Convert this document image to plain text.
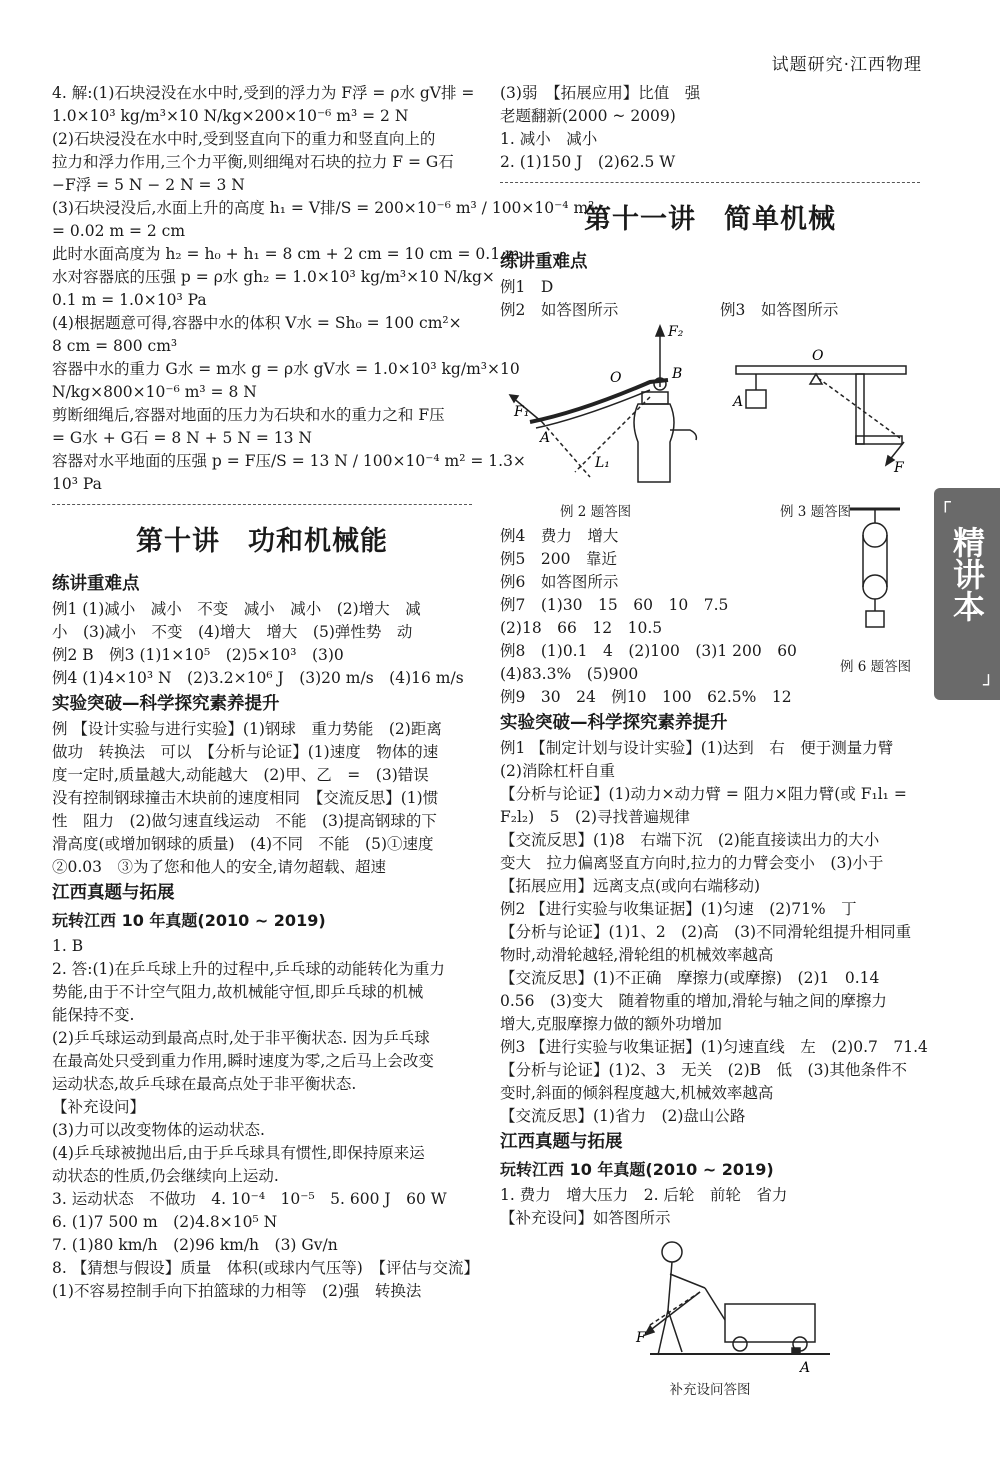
试题研究·江西物理
┌
精讲本
┘
4. 解:(1)石块浸没在水中时,受到的浮力为 F浮 = ρ水 gV排 =
1.0×10³ kg/m³×10 N/kg×200×10⁻⁶ m³ = 2 N
(2)石块浸没在水中时,受到竖直向下的重力和竖直向上的
拉力和浮力作用,三个力平衡,则细绳对石块的拉力 F = G石
−F浮 = 5 N − 2 N = 3 N
(3)石块浸没后,水面上升的高度 h₁ = V排/S = 200×10⁻⁶ m³ / 100×10⁻⁴ m²
= 0.02 m = 2 cm
此时水面高度为 h₂ = h₀ + h₁ = 8 cm + 2 cm = 10 cm = 0.1 m
水对容器底的压强 p = ρ水 gh₂ = 1.0×10³ kg/m³×10 N/kg×
0.1 m = 1.0×10³ Pa
(4)根据题意可得,容器中水的体积 V水 = Sh₀ = 100 cm²×
8 cm = 800 cm³
容器中水的重力 G水 = m水 g = ρ水 gV水 = 1.0×10³ kg/m³×10
N/kg×800×10⁻⁶ m³ = 8 N
剪断细绳后,容器对地面的压力为石块和水的重力之和 F压
= G水 + G石 = 8 N + 5 N = 13 N
容器对水平地面的压强 p = F压/S = 13 N / 100×10⁻⁴ m² = 1.3×
10³ Pa
第十讲　功和机械能
练讲重难点
例1 (1)减小　减小　不变　减小　减小　(2)增大　减
小　(3)减小　不变　(4)增大　增大　(5)弹性势　动
例2 B　例3 (1)1×10⁵　(2)5×10³　(3)0
例4 (1)4×10³ N　(2)3.2×10⁶ J　(3)20 m/s　(4)16 m/s
实验突破—科学探究素养提升
例 【设计实验与进行实验】(1)钢球　重力势能　(2)距离
做功　转换法　可以　【分析与论证】(1)速度　物体的速
度一定时,质量越大,动能越大　(2)甲、乙　=　(3)错误
没有控制钢球撞击木块前的速度相同　【交流反思】(1)惯
性　阻力　(2)做匀速直线运动　不能　(3)提高钢球的下
滑高度(或增加钢球的质量)　(4)不同　不能　(5)①速度
②0.03　③为了您和他人的安全,请勿超载、超速
江西真题与拓展
玩转江西 10 年真题(2010 ~ 2019)
1. B
2. 答:(1)在乒乓球上升的过程中,乒乓球的动能转化为重力
势能,由于不计空气阻力,故机械能守恒,即乒乓球的机械
能保持不变.
(2)乒乓球运动到最高点时,处于非平衡状态. 因为乒乓球
在最高处只受到重力作用,瞬时速度为零,之后马上会改变
运动状态,故乒乓球在最高点处于非平衡状态.
【补充设问】
(3)力可以改变物体的运动状态.
(4)乒乓球被抛出后,由于乒乓球具有惯性,即保持原来运
动状态的性质,仍会继续向上运动.
3. 运动状态　不做功　4. 10⁻⁴　10⁻⁵　5. 600 J　60 W
6. (1)7 500 m　(2)4.8×10⁵ N
7. (1)80 km/h　(2)96 km/h　(3) Gv/n
8. 【猜想与假设】质量　体积(或球内气压等)　【评估与交流】
(1)不容易控制手向下拍篮球的力相等　(2)强　转换法
(3)弱　【拓展应用】比值　强
老题翻新(2000 ~ 2009)
1. 减小　减小
2. (1)150 J　(2)62.5 W
第十一讲　简单机械
练讲重难点
例1　D
例2　如答图所示	例3　如答图所示
F₂
B
O
F₁
A
L₁
O
A
F
例 2 题答图	例 3 题答图
例4　费力　增大
例5　200　靠近
例6　如答图所示
例7　(1)30　15　60　10　7.5
(2)18　66　12　10.5
例8　(1)0.1　4　(2)100　(3)1 200　60
(4)83.3%　(5)900
例9　30　24　例10　100　62.5%　12
例 6 题答图
实验突破—科学探究素养提升
例1 【制定计划与设计实验】(1)达到　右　便于测量力臂
(2)消除杠杆自重
【分析与论证】(1)动力×动力臂 = 阻力×阻力臂(或 F₁l₁ =
F₂l₂)　5　(2)寻找普遍规律
【交流反思】(1)8　右端下沉　(2)能直接读出力的大小
变大　拉力偏离竖直方向时,拉力的力臂会变小　(3)小于
【拓展应用】远离支点(或向右端移动)
例2 【进行实验与收集证据】(1)匀速　(2)71%　丁
【分析与论证】(1)1、2　(2)高　(3)不同滑轮组提升相同重
物时,动滑轮越轻,滑轮组的机械效率越高
【交流反思】(1)不正确　摩擦力(或摩擦)　(2)1　0.14
0.56　(3)变大　随着物重的增加,滑轮与轴之间的摩擦力
增大,克服摩擦力做的额外功增加
例3 【进行实验与收集证据】(1)匀速直线　左　(2)0.7　71.4
【分析与论证】(1)2、3　无关　(2)B　低　(3)其他条件不
变时,斜面的倾斜程度越大,机械效率越高
【交流反思】(1)省力　(2)盘山公路
江西真题与拓展
玩转江西 10 年真题(2010 ~ 2019)
1. 费力　增大压力　2. 后轮　前轮　省力
【补充设问】如答图所示
F
A
补充设问答图
